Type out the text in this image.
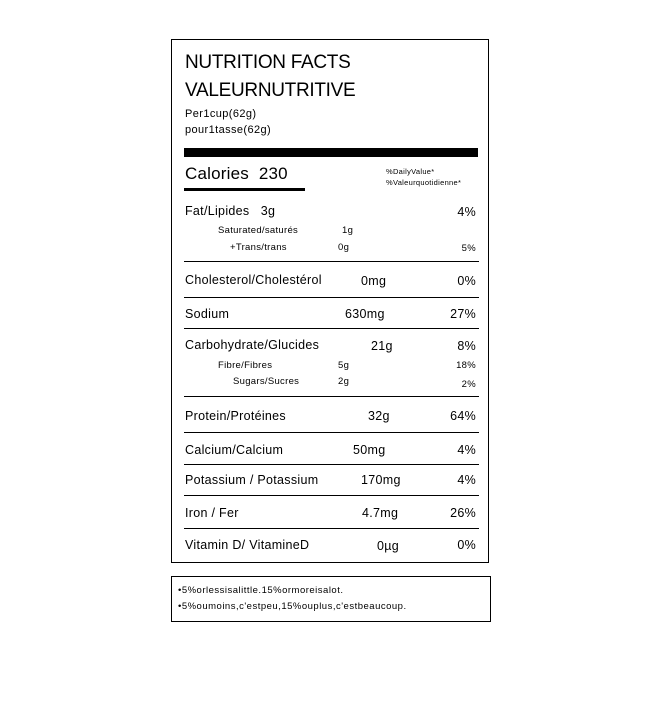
NUTRITION FACTS
VALEURNUTRITIVE
Per1cup(62g)
pour1tasse(62g)
Calories 230	%DailyValue*
%Valeurquotidienne*
Fat/Lipides 3g	4%
Saturated/saturés	1g
+Trans/trans	0g	5%
Cholesterol/Cholestérol	0mg	0%
Sodium	630mg	27%
Carbohydrate/Glucides	21g	8%
Fibre/Fibres	5g	18%
Sugars/Sucres	2g	2%
Protein/Protéines	32g	64%
Calcium/Calcium	50mg	4%
Potassium / Potassium	170mg	4%
Iron / Fer	4.7mg	26%
Vitamin D/ VitamineD	0µg	0%
•5%orlessisalittle.15%ormoreisalot.
•5%oumoins,c'estpeu,15%ouplus,c'estbeaucoup.
